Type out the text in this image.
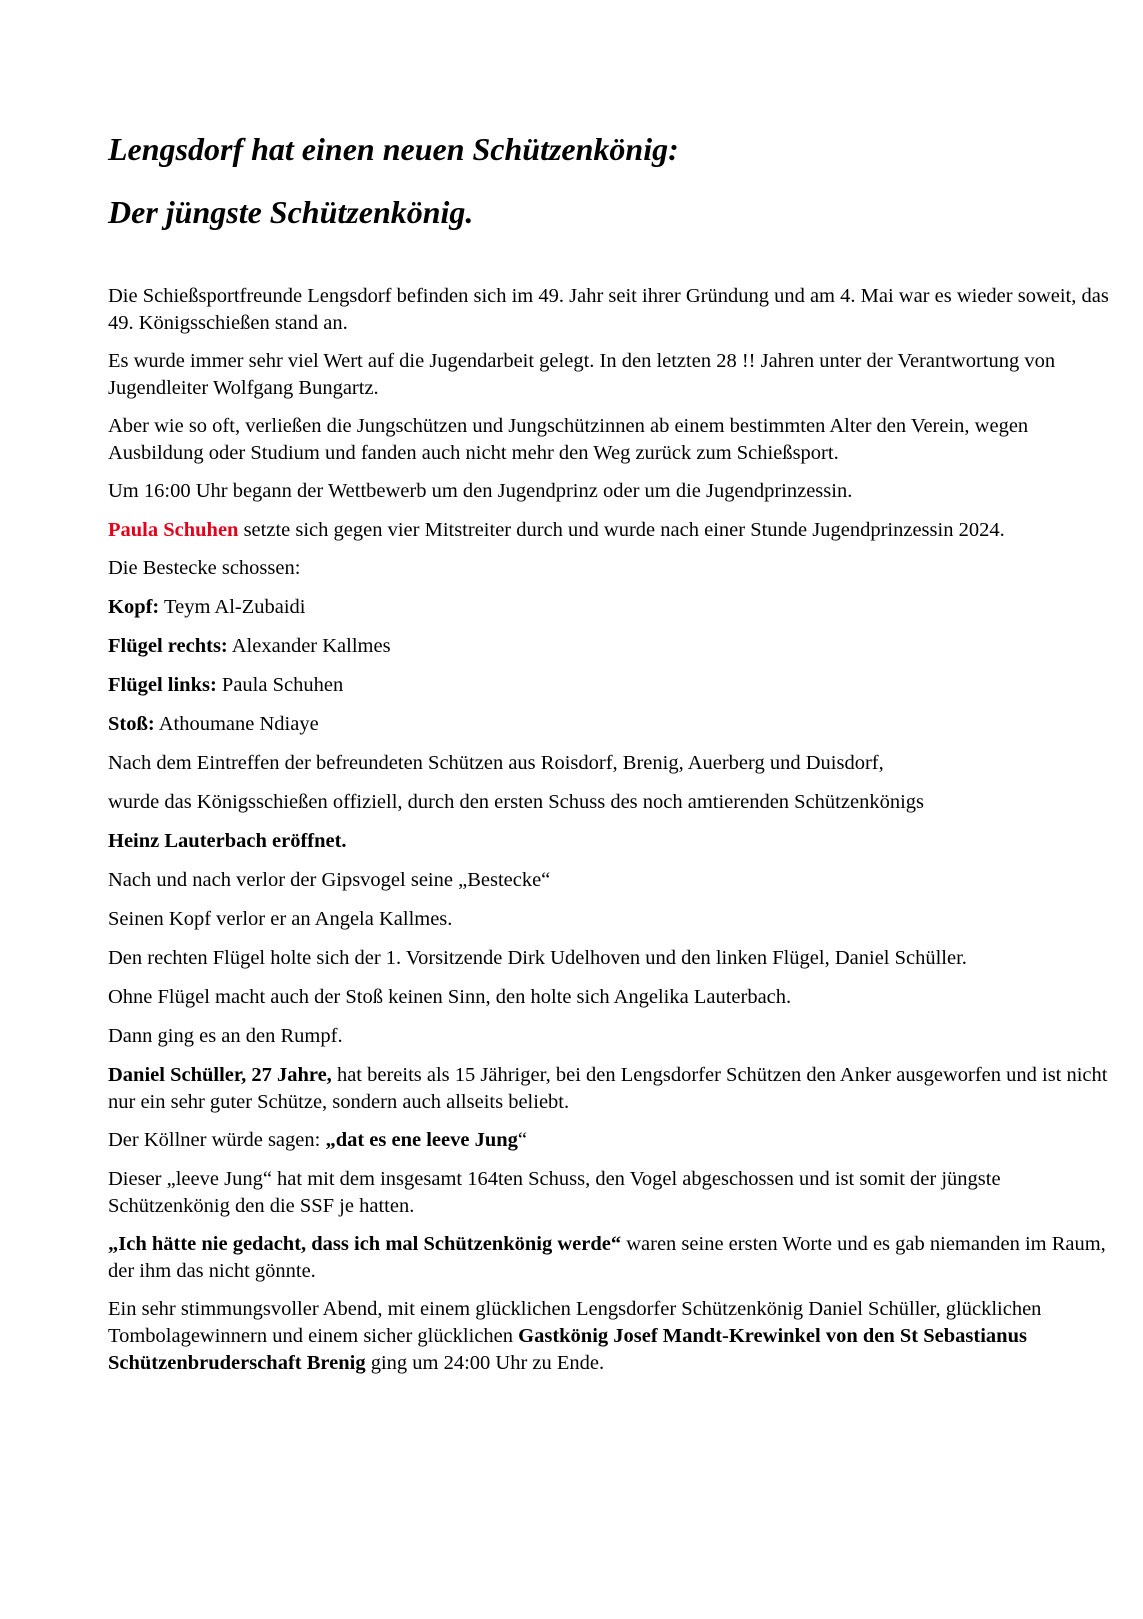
Lengsdorf hat einen neuen Schützenkönig:
Der jüngste Schützenkönig.

Die Schießsportfreunde Lengsdorf befinden sich im 49. Jahr seit ihrer Gründung und am 4. Mai war es wieder soweit, das 49. Königsschießen stand an.

Es wurde immer sehr viel Wert auf die Jugendarbeit gelegt. In den letzten 28 !! Jahren unter der Verantwortung von Jugendleiter Wolfgang Bungartz.

Aber wie so oft, verließen die Jungschützen und Jungschützinnen ab einem bestimmten Alter den Verein, wegen Ausbildung oder Studium und fanden auch nicht mehr den Weg zurück zum Schießsport.

Um 16:00 Uhr begann der Wettbewerb um den Jugendprinz oder um die Jugendprinzessin.

Paula Schuhen setzte sich gegen vier Mitstreiter durch und wurde nach einer Stunde Jugendprinzessin 2024.

Die Bestecke schossen:

Kopf: Teym Al-Zubaidi

Flügel rechts: Alexander Kallmes

Flügel links: Paula Schuhen

Stoß: Athoumane Ndiaye

Nach dem Eintreffen der befreundeten Schützen aus Roisdorf, Brenig, Auerberg und Duisdorf,

wurde das Königsschießen offiziell, durch den ersten Schuss des noch amtierenden Schützenkönigs

Heinz Lauterbach eröffnet.

Nach und nach verlor der Gipsvogel seine „Bestecke“

Seinen Kopf verlor er an Angela Kallmes.

Den rechten Flügel holte sich der 1. Vorsitzende Dirk Udelhoven und den linken Flügel, Daniel Schüller.

Ohne Flügel macht auch der Stoß keinen Sinn, den holte sich Angelika Lauterbach.

Dann ging es an den Rumpf.

Daniel Schüller, 27 Jahre, hat bereits als 15 Jähriger, bei den Lengsdorfer Schützen den Anker ausgeworfen und ist nicht nur ein sehr guter Schütze, sondern auch allseits beliebt.

Der Köllner würde sagen: „dat es ene leeve Jung“

Dieser „leeve Jung“ hat mit dem insgesamt 164ten Schuss, den Vogel abgeschossen und ist somit der jüngste Schützenkönig den die SSF je hatten.

„Ich hätte nie gedacht, dass ich mal Schützenkönig werde“ waren seine ersten Worte und es gab niemanden im Raum, der ihm das nicht gönnte.

Ein sehr stimmungsvoller Abend, mit einem glücklichen Lengsdorfer Schützenkönig Daniel Schüller, glücklichen Tombolagewinnern und einem sicher glücklichen Gastkönig Josef Mandt-Krewinkel von den St Sebastianus Schützenbruderschaft Brenig ging um 24:00 Uhr zu Ende.
